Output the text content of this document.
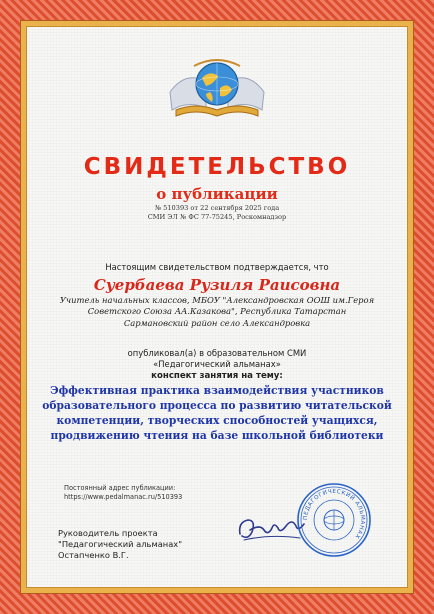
СВИДЕТЕЛЬСТВО
о публикации
№ 510393 от 22 сентября 2025 года
СМИ ЭЛ № ФС 77-75245, Роскомнадзор
Настоящим свидетельством подтверждается, что
Суербаева Рузиля Раисовна
Учитель начальных классов, МБОУ "Александровская ООШ им.Героя Советского Союза АА.Казакова", Республика Татарстан Сармановский район село Александровка
опубликовал(а) в образовательном СМИ
«Педагогический альманах»
конспект занятия на тему:
Эффективная практика взаимодействия участников образовательного процесса по развитию читательской компетенции, творческих способностей учащихся, продвижению чтения на базе школьной библиотеки
Постоянный адрес публикации:
https://www.pedalmanac.ru/510393
Руководитель проекта
"Педагогический альманах"
Остапченко В.Г.
ПЕДАГОГИЧЕСКИЙ АЛЬМАНАХ
